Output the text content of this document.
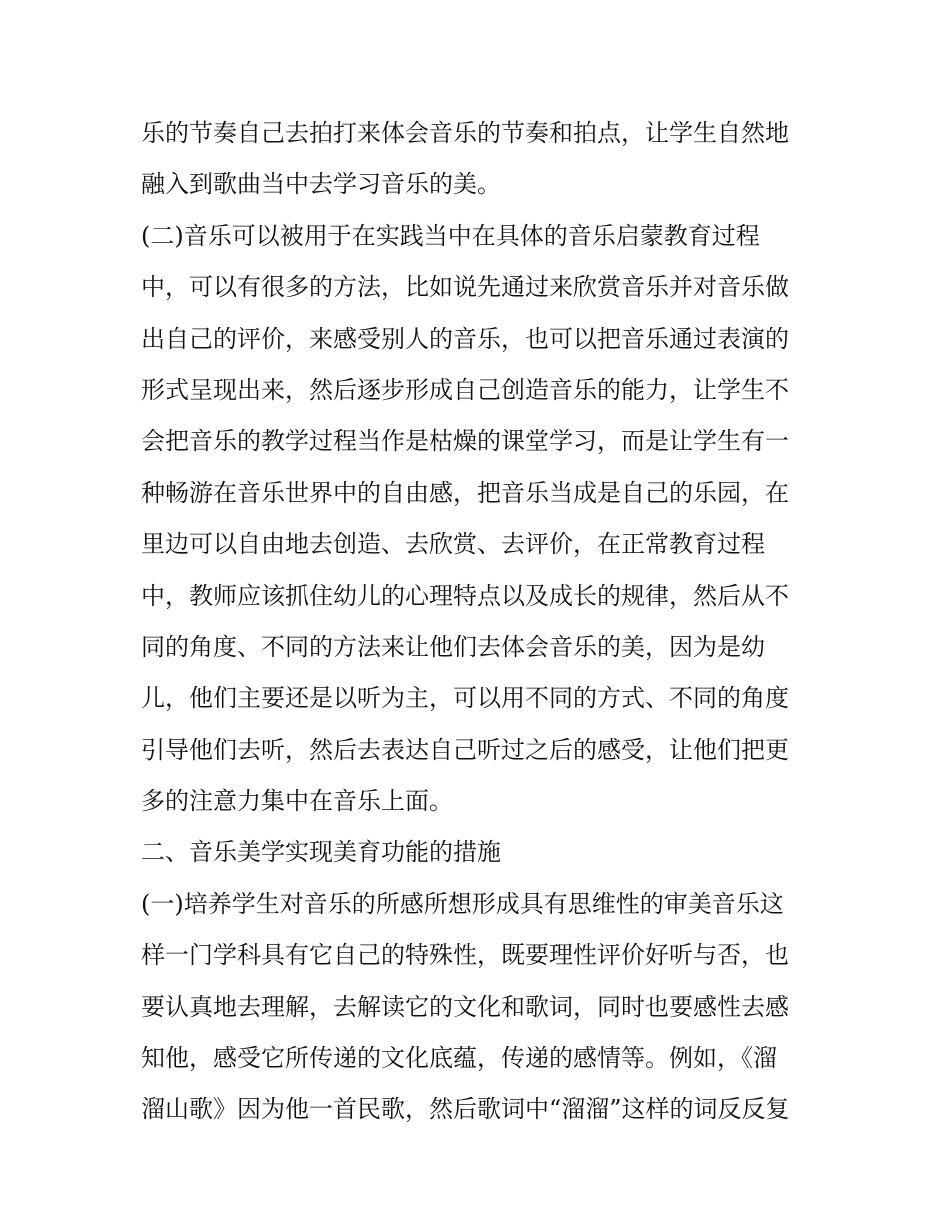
乐的节奏自己去拍打来体会音乐的节奏和拍点，让学生自然地
融入到歌曲当中去学习音乐的美。
(二)音乐可以被用于在实践当中在具体的音乐启蒙教育过程
中，可以有很多的方法，比如说先通过来欣赏音乐并对音乐做
出自己的评价，来感受别人的音乐，也可以把音乐通过表演的
形式呈现出来，然后逐步形成自己创造音乐的能力，让学生不
会把音乐的教学过程当作是枯燥的课堂学习，而是让学生有一
种畅游在音乐世界中的自由感，把音乐当成是自己的乐园，在
里边可以自由地去创造、去欣赏、去评价，在正常教育过程
中，教师应该抓住幼儿的心理特点以及成长的规律，然后从不
同的角度、不同的方法来让他们去体会音乐的美，因为是幼
儿，他们主要还是以听为主，可以用不同的方式、不同的角度
引导他们去听，然后去表达自己听过之后的感受，让他们把更
多的注意力集中在音乐上面。
二、音乐美学实现美育功能的措施
(一)培养学生对音乐的所感所想形成具有思维性的审美音乐这
样一门学科具有它自己的特殊性，既要理性评价好听与否，也
要认真地去理解，去解读它的文化和歌词，同时也要感性去感
知他，感受它所传递的文化底蕴，传递的感情等。例如，《溜
溜山歌》因为他一首民歌，然后歌词中“溜溜”这样的词反反复
